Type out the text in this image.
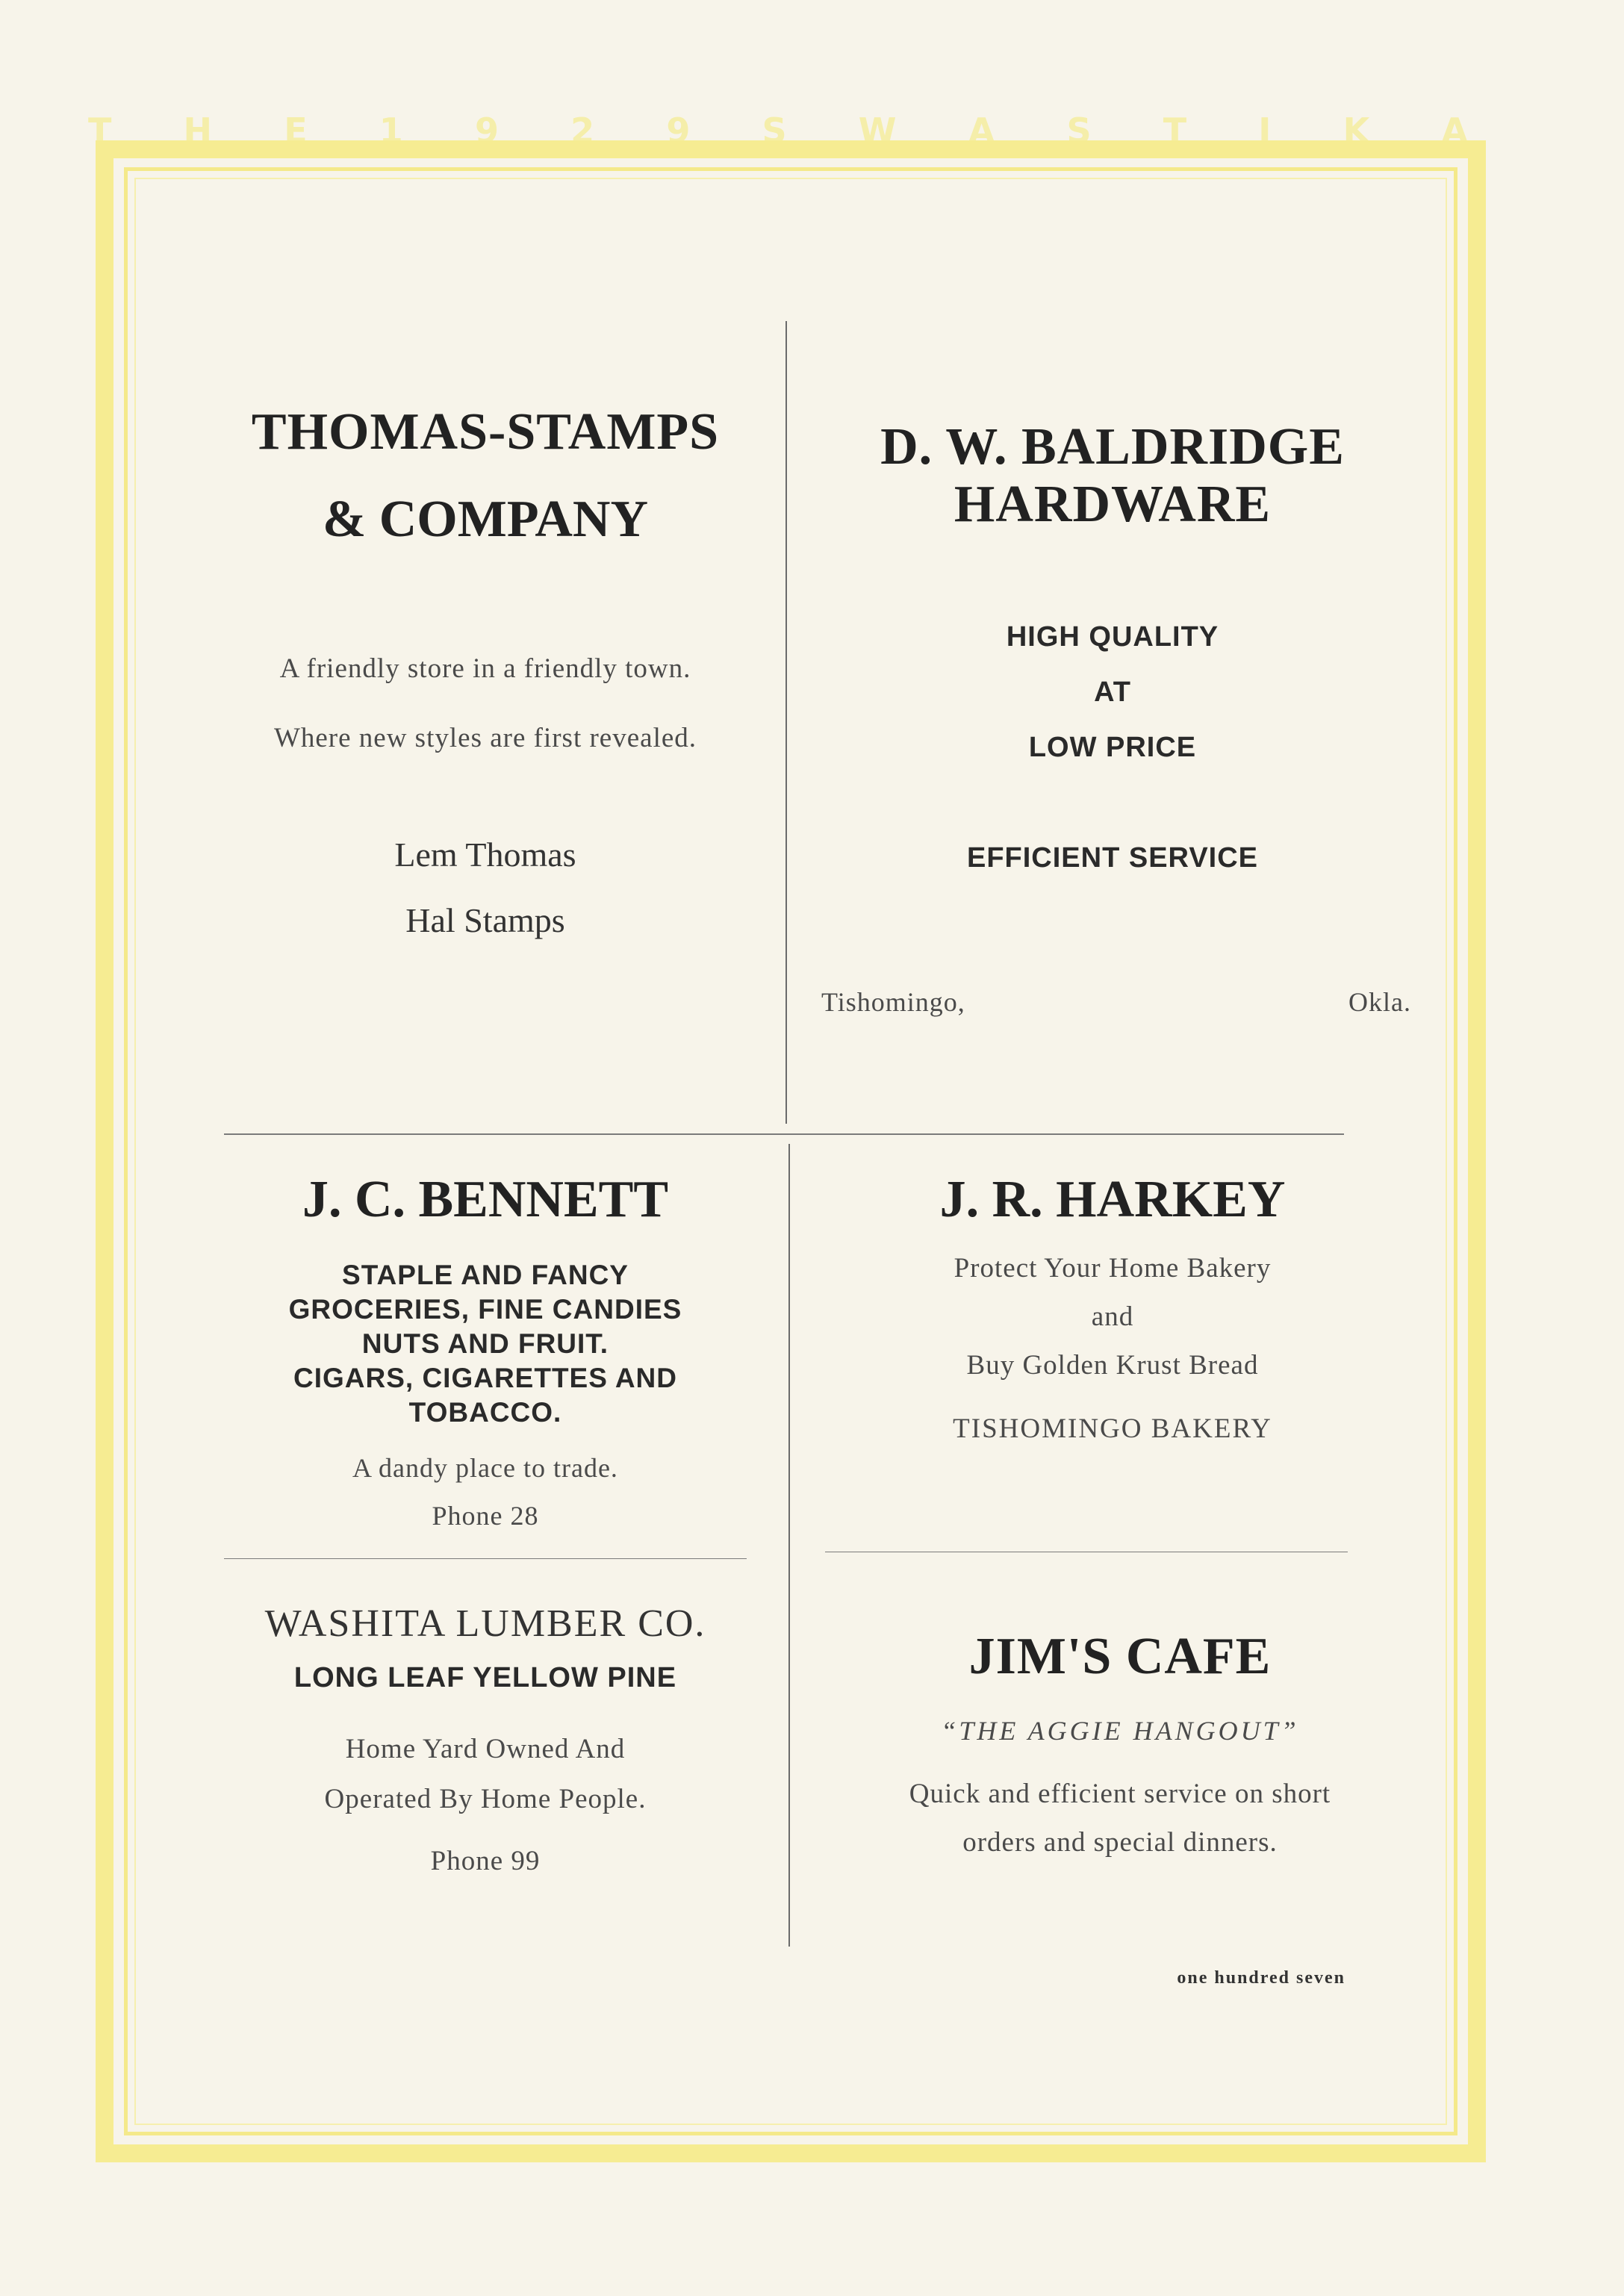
T H E 1 9 2 9 S W A S T I K A

THOMAS-STAMPS

& COMPANY

A friendly store in a friendly town.
Where new styles are first revealed.
Lem Thomas
Hal Stamps

D. W. BALDRIDGE

HARDWARE

HIGH QUALITY
AT
LOW PRICE
EFFICIENT SERVICE
Tishomingo,	Okla.

J. C. BENNETT

STAPLE AND FANCY
GROCERIES, FINE CANDIES
NUTS AND FRUIT.
CIGARS, CIGARETTES AND
TOBACCO.
A dandy place to trade.
Phone 28

J. R. HARKEY

Protect Your Home Bakery
and
Buy Golden Krust Bread
TISHOMINGO BAKERY

WASHITA LUMBER CO.

LONG LEAF YELLOW PINE
Home Yard Owned And
Operated By Home People.
Phone 99

JIM'S CAFE

“THE AGGIE HANGOUT”
Quick and efficient service on short
orders and special dinners.
one hundred seven
